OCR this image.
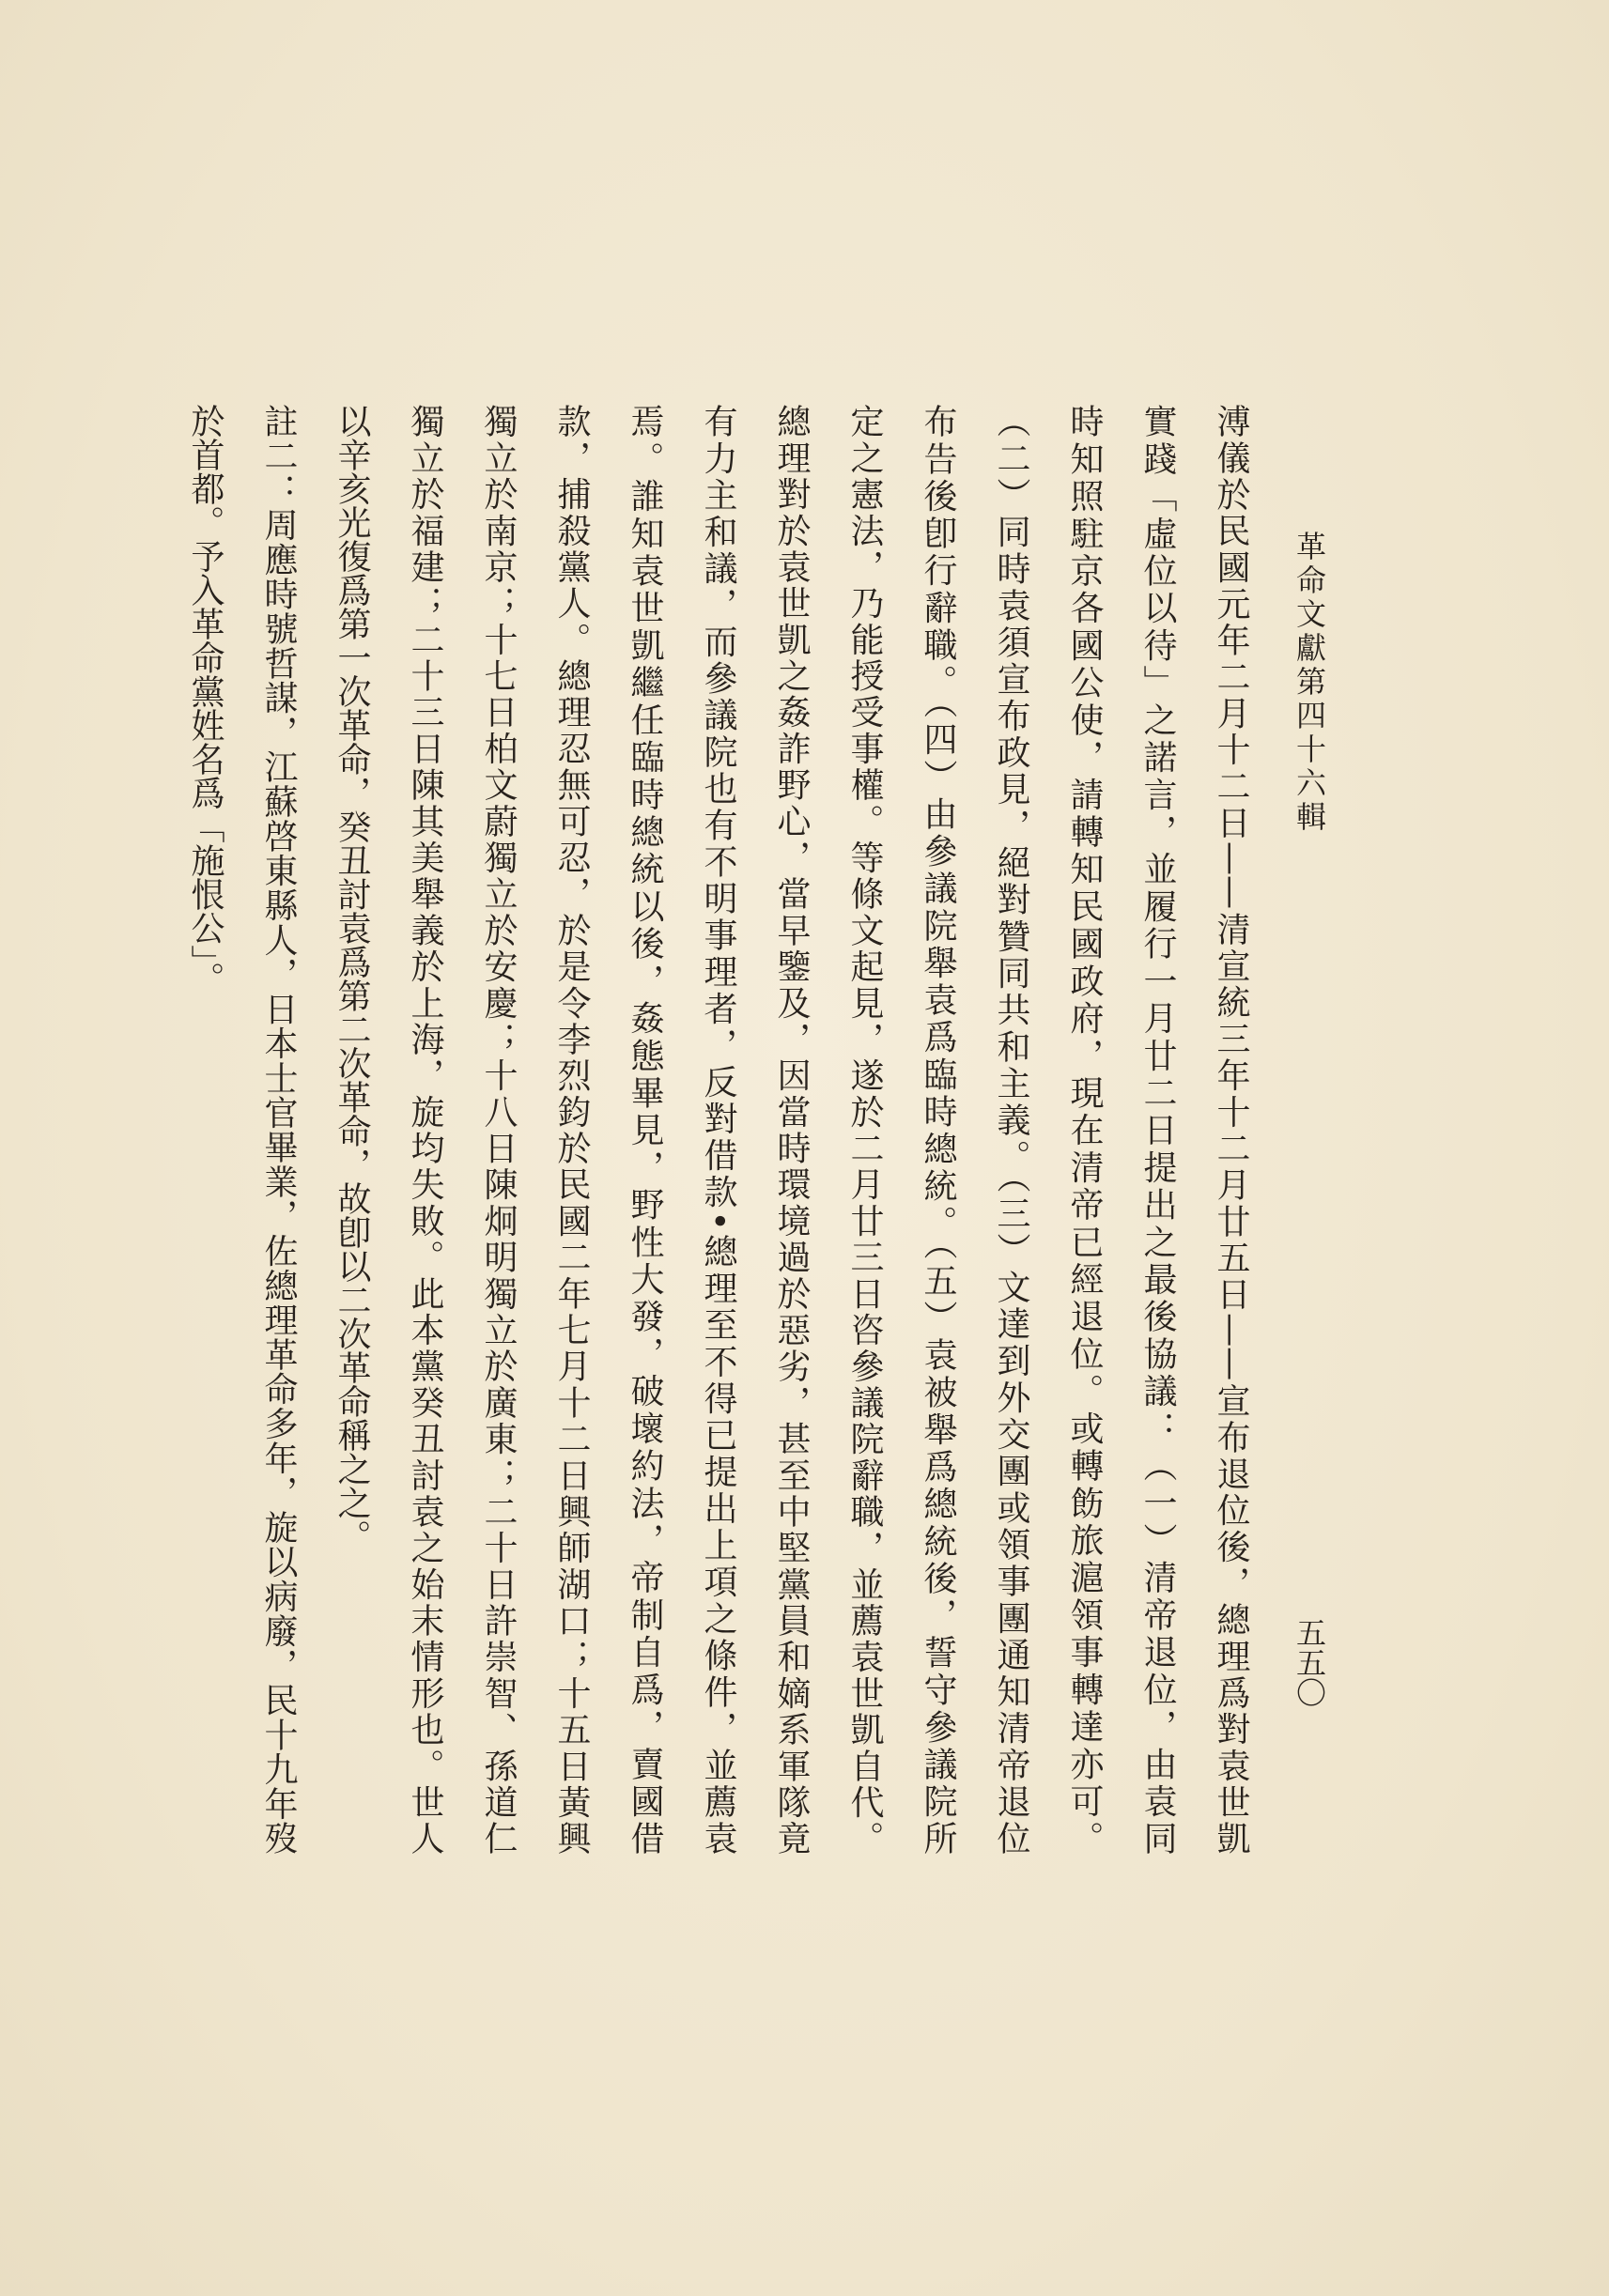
革命文獻第四十六輯
五五〇
溥儀於民國元年二月十二日——清宣統三年十二月廿五日——宣布退位後，總理爲對袁世凱
實踐「虛位以待」之諾言，並履行一月廿二日提出之最後協議：（一）清帝退位，由袁同
時知照駐京各國公使，請轉知民國政府，現在清帝已經退位。或轉飭旅滬領事轉達亦可。
（二）同時袁須宣布政見，絕對贊同共和主義。（三）文達到外交團或領事團通知清帝退位
布告後卽行辭職。（四）由參議院舉袁爲臨時總統。（五）袁被舉爲總統後，誓守參議院所
定之憲法，乃能授受事權。等條文起見，遂於二月廿三日咨參議院辭職，並薦袁世凱自代。
總理對於袁世凱之姦詐野心，當早鑒及，因當時環境過於惡劣，甚至中堅黨員和嫡系軍隊竟
有力主和議，而參議院也有不明事理者，反對借款•總理至不得已提出上項之條件，並薦袁
焉。誰知袁世凱繼任臨時總統以後，姦態畢見，野性大發，破壞約法，帝制自爲，賣國借
款，捕殺黨人。總理忍無可忍，於是令李烈鈞於民國二年七月十二日興師湖口；十五日黃興
獨立於南京；十七日柏文蔚獨立於安慶；十八日陳炯明獨立於廣東；二十日許崇智、孫道仁
獨立於福建；二十三日陳其美舉義於上海，旋均失敗。此本黨癸丑討袁之始末情形也。世人
以辛亥光復爲第一次革命，癸丑討袁爲第二次革命，故卽以二次革命稱之之。
註二：周應時號哲謀，江蘇啓東縣人，日本士官畢業，佐總理革命多年，旋以病廢，民十九年歿
於首都。予入革命黨姓名爲「施恨公」。
